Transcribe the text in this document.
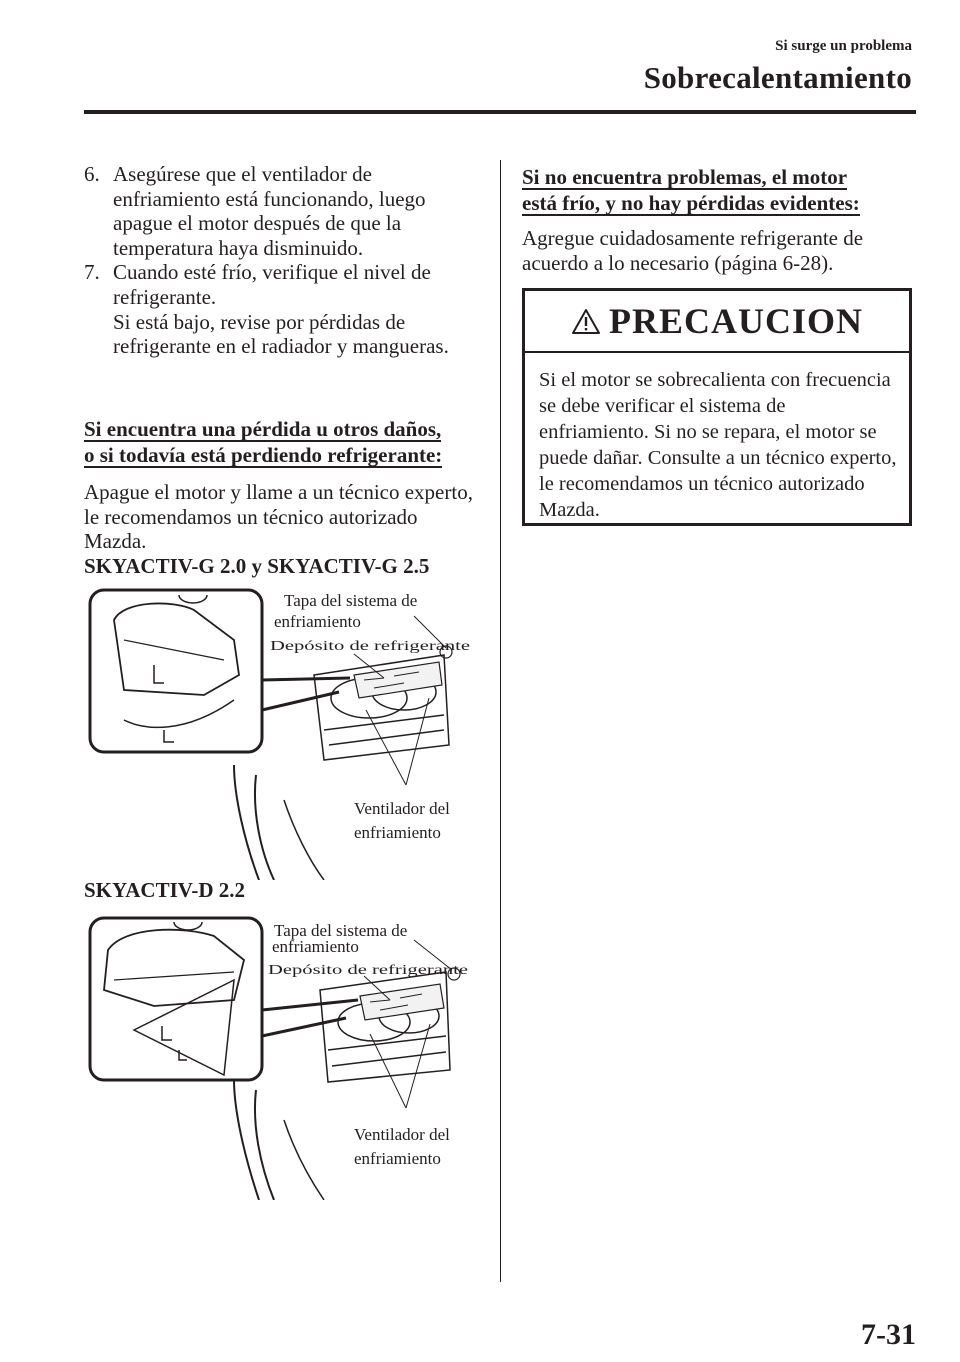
Si surge un problema
Sobrecalentamiento
6. Asegúrese que el ventilador de enfriamiento está funcionando, luego apague el motor después de que la temperatura haya disminuido.
7. Cuando esté frío, verifique el nivel de refrigerante.
Si está bajo, revise por pérdidas de refrigerante en el radiador y mangueras.
Si encuentra una pérdida u otros daños,
o si todavía está perdiendo refrigerante:
Apague el motor y llame a un técnico experto, le recomendamos un técnico autorizado Mazda.
SKYACTIV-G 2.0 y SKYACTIV-G 2.5
Tapa del sistema de
enfriamiento
Depósito de refrigerante
Ventilador del
enfriamiento
SKYACTIV-D 2.2
Tapa del sistema de
enfriamiento
Depósito de refrigerante
Ventilador del
enfriamiento
Si no encuentra problemas, el motor
está frío, y no hay pérdidas evidentes:
Agregue cuidadosamente refrigerante de acuerdo a lo necesario (página 6-28).
PRECAUCION
Si el motor se sobrecalienta con frecuencia se debe verificar el sistema de enfriamiento. Si no se repara, el motor se puede dañar. Consulte a un técnico experto, le recomendamos un técnico autorizado Mazda.
7-31
